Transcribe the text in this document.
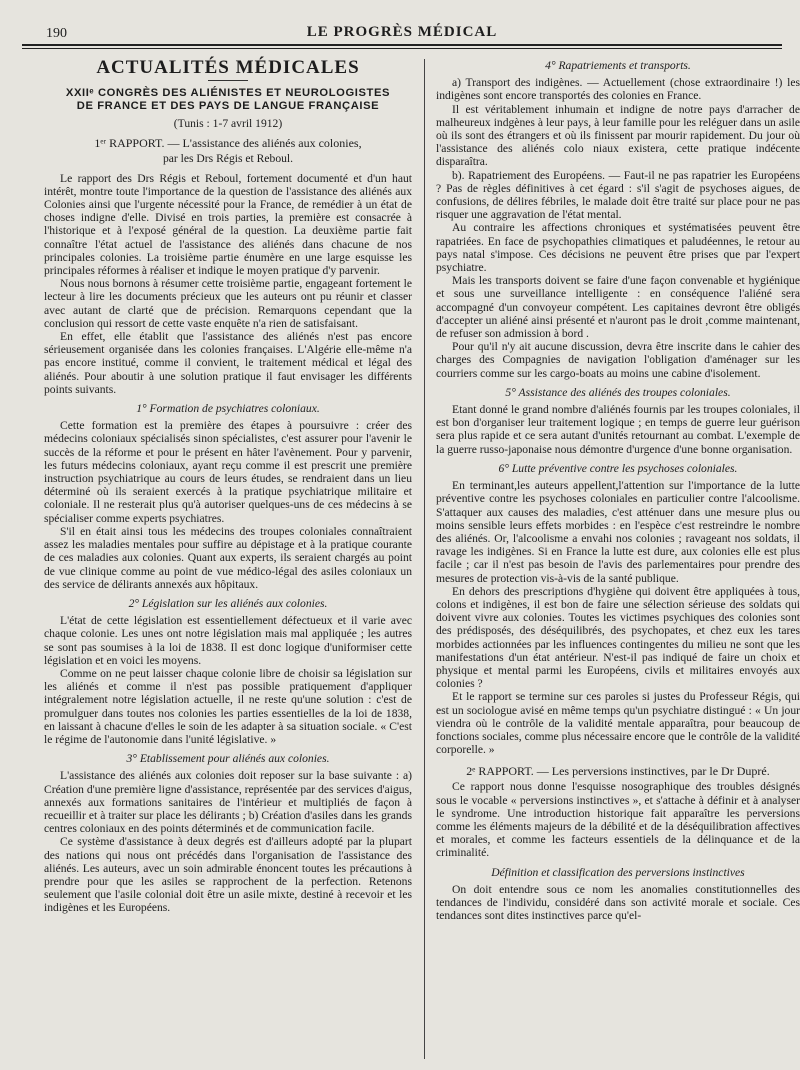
190	LE PROGRÈS MÉDICAL
ACTUALITÉS MÉDICALES
XXIIᵉ CONGRÈS DES ALIÉNISTES ET NEUROLOGISTES
DE FRANCE ET DES PAYS DE LANGUE FRANÇAISE
(Tunis : 1-7 avril 1912)
1ᵉʳ RAPPORT. — L'assistance des aliénés aux colonies,
par les Drs Régis et Reboul.

Le rapport des Drs Régis et Reboul, fortement documenté et d'un haut intérêt, montre toute l'importance de la question de l'assistance des aliénés aux Colonies ainsi que l'urgente nécessité pour la France, de remédier à un état de choses indigne d'elle. Divisé en trois parties, la première est consacrée à l'historique et à l'exposé général de la question. La deuxième partie fait connaître l'état actuel de l'assistance des aliénés dans chacune de nos principales colonies. La troisième partie énumère en une large esquisse les principales réformes à réaliser et indique le moyen pratique d'y parvenir.

Nous nous bornons à résumer cette troisième partie, engageant fortement le lecteur à lire les documents précieux que les auteurs ont pu réunir et classer avec autant de clarté que de précision. Remarquons cependant que la conclusion qui ressort de cette vaste enquête n'a rien de satisfaisant.

En effet, elle établit que l'assistance des aliénés n'est pas encore sérieusement organisée dans les colonies françaises. L'Algérie elle-même n'a pas encore institué, comme il convient, le traitement médical et légal des aliénés. Pour aboutir à une solution pratique il faut envisager les différents points suivants.

1° Formation de psychiatres coloniaux.

Cette formation est la première des étapes à poursuivre : créer des médecins coloniaux spécialisés sinon spécialistes, c'est assurer pour l'avenir le succès de la réforme et pour le présent en hâter l'avènement. Pour y parvenir, les futurs médecins coloniaux, ayant reçu comme il est prescrit une première instruction psychiatrique au cours de leurs études, se rendraient dans un lieu déterminé où ils seraient exercés à la pratique psychiatrique militaire et coloniale. Il ne resterait plus qu'à autoriser quelques-uns de ces médecins à se spécialiser comme experts psychiatres.

S'il en était ainsi tous les médecins des troupes coloniales connaîtraient assez les maladies mentales pour suffire au dépistage et à la pratique courante de ces maladies aux colonies. Quant aux experts, ils seraient chargés au point de vue clinique comme au point de vue médico-légal des asiles coloniaux un des service de délirants annexés aux hôpitaux.

2° Législation sur les aliénés aux colonies.

L'état de cette législation est essentiellement défectueux et il varie avec chaque colonie. Les unes ont notre législation mais mal appliquée ; les autres se sont pas soumises à la loi de 1838. Il est donc logique d'uniformiser cette législation et en voici les moyens.

Comme on ne peut laisser chaque colonie libre de choisir sa législation sur les aliénés et comme il n'est pas possible pratiquement d'appliquer intégralement notre législation actuelle, il ne reste qu'une solution : c'est de promulguer dans toutes nos colonies les parties essentielles de la loi de 1838, en laissant à chacune d'elles le soin de les adapter à sa situation sociale. « C'est le régime de l'autonomie dans l'unité législative. »

3° Etablissement pour aliénés aux colonies.

L'assistance des aliénés aux colonies doit reposer sur la base suivante : a) Création d'une première ligne d'assistance, représentée par des services d'aigus, annexés aux formations sanitaires de l'intérieur et multipliés de façon à recueillir et à traiter sur place les délirants ; b) Création d'asiles dans les grands centres coloniaux en des points déterminés et de communication facile.

Ce système d'assistance à deux degrés est d'ailleurs adopté par la plupart des nations qui nous ont précédés dans l'organisation de l'assistance des aliénés. Les auteurs, avec un soin admirable énoncent toutes les précautions à prendre pour que les asiles se rapprochent de la perfection. Retenons seulement que l'asile colonial doit être un asile mixte, destiné à recevoir et les indigènes et les Européens.

4° Rapatriements et transports.

a) Transport des indigènes. — Actuellement (chose extraordinaire !) les indigènes sont encore transportés des colonies en France.

Il est véritablement inhumain et indigne de notre pays d'arracher de malheureux indgènes à leur pays, à leur famille pour les reléguer dans un asile où ils sont des étrangers et où ils finissent par mourir rapidement. Du jour où l'assistance des aliénés colo niaux existera, cette pratique indécente disparaîtra.

b). Rapatriement des Européens. — Faut-il ne pas rapatrier les Européens ? Pas de règles définitives à cet égard : s'il s'agit de psychoses aigues, de confusions, de délires fébriles, le malade doit être traité sur place pour ne pas risquer une aggravation de l'état mental.

Au contraire les affections chroniques et systématisées peuvent être rapatriées. En face de psychopathies climatiques et paludéennes, le retour au pays natal s'impose. Ces décisions ne peuvent être prises que par l'expert psychiatre.

Mais les transports doivent se faire d'une façon convenable et hygiénique et sous une surveillance intelligente : en conséquence l'aliéné sera accompagné d'un convoyeur compétent. Les capitaines devront être obligés d'accepter un aliéné ainsi présenté et n'auront pas le droit ,comme maintenant, de refuser son admission à bord .

Pour qu'il n'y ait aucune discussion, devra être inscrite dans le cahier des charges des Compagnies de navigation l'obligation d'aménager sur les courriers comme sur les cargo-boats au moins une cabine d'isolement.

5° Assistance des aliénés des troupes coloniales.

Etant donné le grand nombre d'aliénés fournis par les troupes coloniales, il est bon d'organiser leur traitement logique ; en temps de guerre leur guérison sera plus rapide et ce sera autant d'unités retournant au combat. L'exemple de la guerre russo-japonaise nous démontre d'urgence d'une bonne organisation.

6° Lutte préventive contre les psychoses coloniales.

En terminant,les auteurs appellent,l'attention sur l'importance de la lutte préventive contre les psychoses coloniales en particulier contre l'alcoolisme. S'attaquer aux causes des maladies, c'est atténuer dans une mesure plus ou moins sensible leurs effets morbides : en l'espèce c'est restreindre le nombre des aliénés. Or, l'alcoolisme a envahi nos colonies ; ravageant nos soldats, il ravage les indigènes. Si en France la lutte est dure, aux colonies elle est plus facile ; car il n'est pas besoin de l'avis des parlementaires pour prendre des mesures de protection vis-à-vis de la santé publique.

En dehors des prescriptions d'hygiène qui doivent être appliquées à tous, colons et indigènes, il est bon de faire une sélection sérieuse des soldats qui doivent vivre aux colonies. Toutes les victimes psychiques des colonies sont des prédisposés, des déséquilibrés, des psychopates, et chez eux les tares morbides actionnées par les influences contingentes du milieu ne sont que les manifestations d'un état antérieur. N'est-il pas indiqué de faire un choix et physique et mental parmi les Européens, civils et militaires envoyés aux colonies ?

Et le rapport se termine sur ces paroles si justes du Professeur Régis, qui est un sociologue avisé en même temps qu'un psychiatre distingué : « Un jour viendra où le contrôle de la validité mentale apparaîtra, pour beaucoup de fonctions sociales, comme plus nécessaire encore que le contrôle de la validité corporelle. »

2ᵉ RAPPORT. — Les perversions instinctives, par le Dr Dupré.

Ce rapport nous donne l'esquisse nosographique des troubles désignés sous le vocable « perversions instinctives », et s'attache à définir et à analyser le syndrome. Une introduction historique fait apparaître les perversions comme les éléments majeurs de la débilité et de la déséquilibration affectives et morales, et comme les facteurs essentiels de la délinquance et de la criminalité.

Définition et classification des perversions instinctives

On doit entendre sous ce nom les anomalies constitutionnelles des tendances de l'individu, considéré dans son activité morale et sociale. Ces tendances sont dites instinctives parce qu'el-
